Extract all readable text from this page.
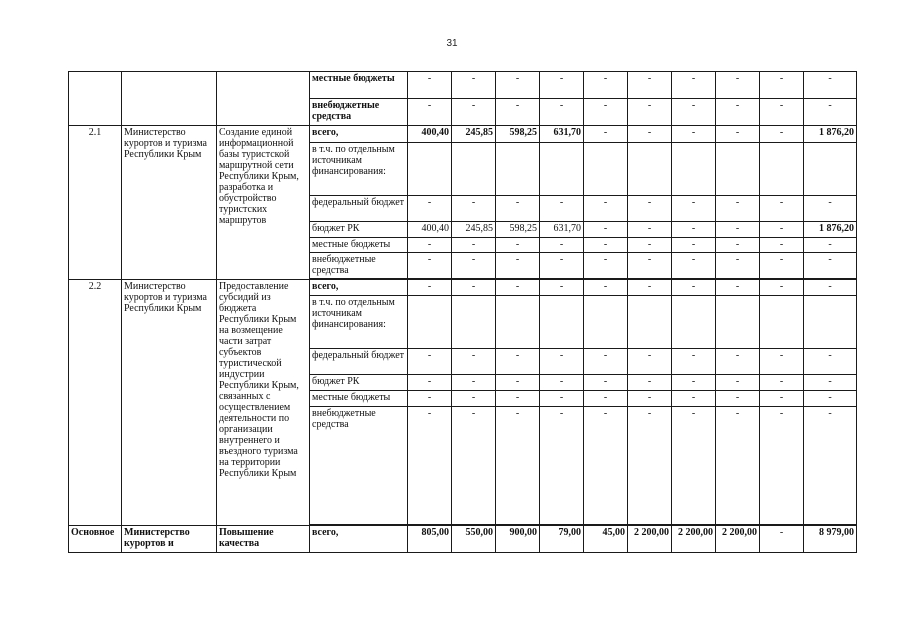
31
			местные бюджеты	-	-	-	-	-	-	-	-	-	-
			внебюджетные средства	-	-	-	-	-	-	-	-	-	-
2.1	Министерство курортов и туризма Республики Крым	Создание единой информационной базы туристской маршрутной сети Республики Крым, разработка и обустройство туристских маршрутов	всего,	400,40	245,85	598,25	631,70	-	-	-	-	-	1 876,20
			в т.ч. по отдельным источникам финансирования:										
			федеральный бюджет	-	-	-	-	-	-	-	-	-	-
			бюджет РК	400,40	245,85	598,25	631,70	-	-	-	-	-	1 876,20
			местные бюджеты	-	-	-	-	-	-	-	-	-	-
			внебюджетные средства	-	-	-	-	-	-	-	-	-	-

2.2	Министерство курортов и туризма Республики Крым	Предоставление субсидий из бюджета Республики Крым на возмещение части затрат субъектов туристической индустрии Республики Крым, связанных с осуществлением деятельности по организации внутреннего и въездного туризма на территории Республики Крым	всего,	-	-	-	-	-	-	-	-	-	-
			в т.ч. по отдельным источникам финансирования:										
			федеральный бюджет	-	-	-	-	-	-	-	-	-	-
			бюджет РК	-	-	-	-	-	-	-	-	-	-
			местные бюджеты	-	-	-	-	-	-	-	-	-	-
			внебюджетные средства	-	-	-	-	-	-	-	-	-	-

Основное	Министерство курортов и	Повышение качества	всего,	805,00	550,00	900,00	79,00	45,00	2 200,00	2 200,00	2 200,00	-	8 979,00
